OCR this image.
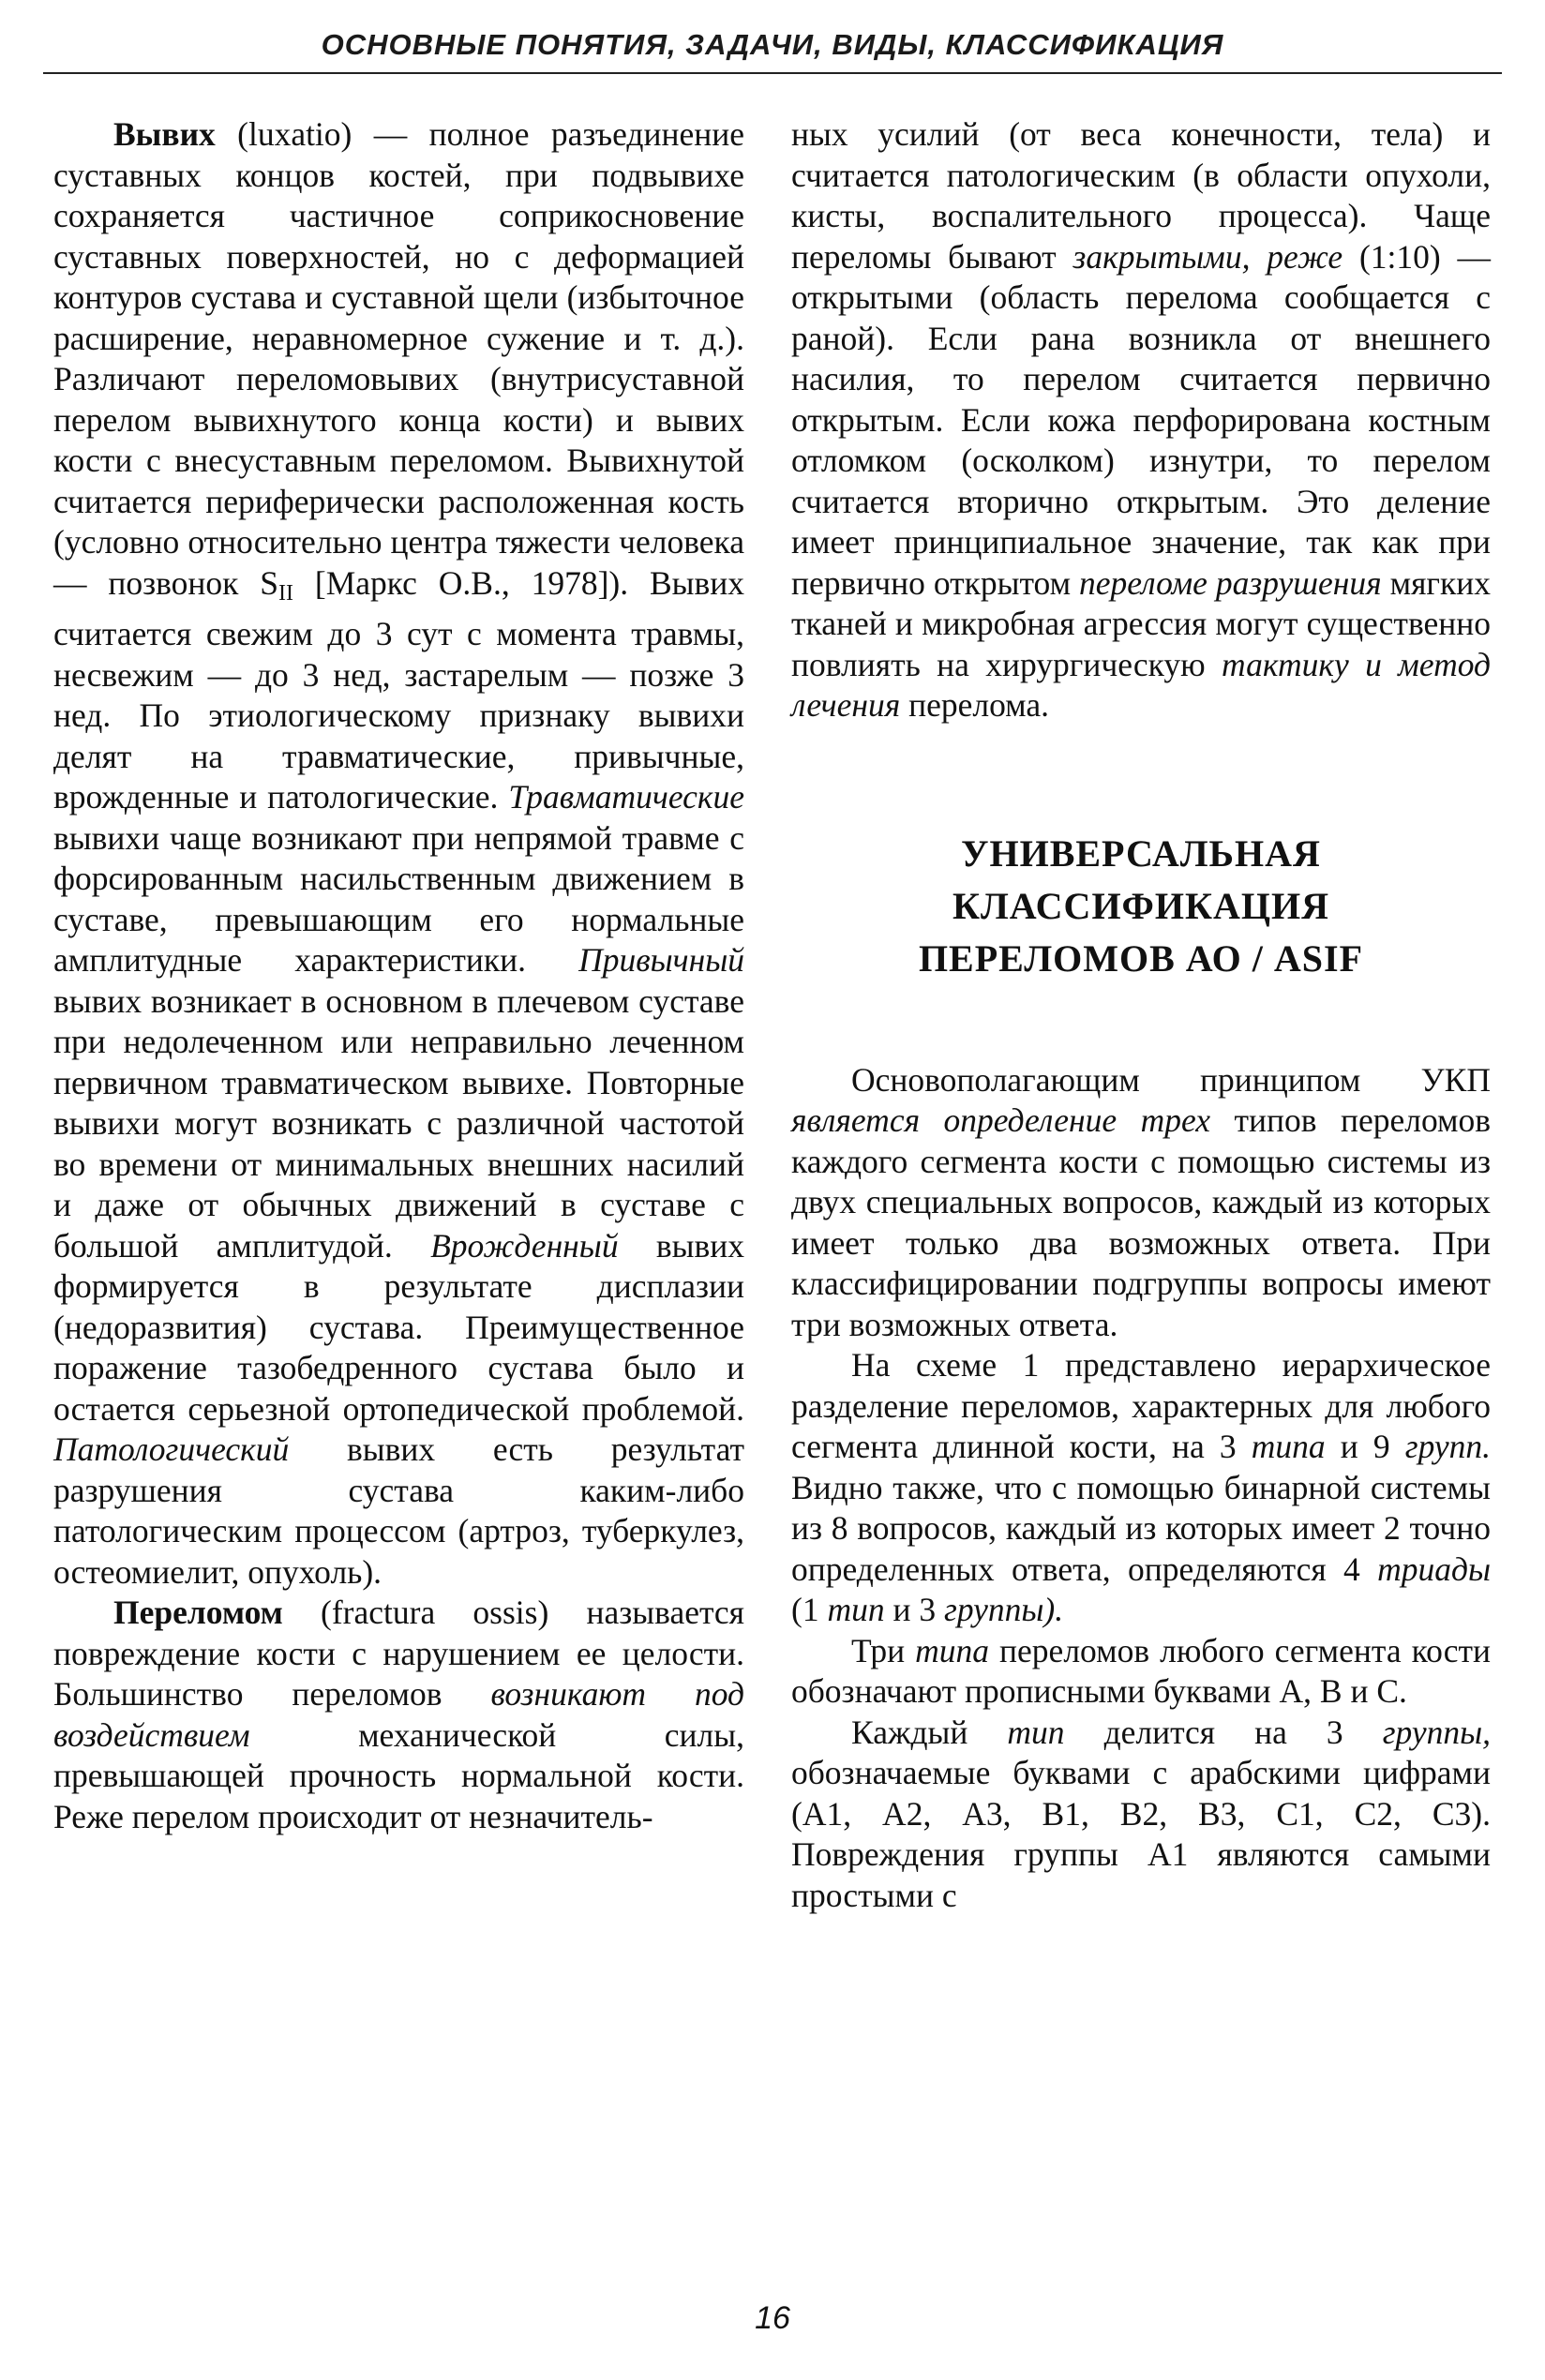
ОСНОВНЫЕ ПОНЯТИЯ, ЗАДАЧИ, ВИДЫ, КЛАССИФИКАЦИЯ

Вывих (luxatio) — полное разъединение суставных концов костей, при подвывихе сохраняется частичное соприкосновение суставных поверхностей, но с деформацией контуров сустава и суставной щели (избыточное расширение, неравномерное сужение и т. д.). Различают переломовывих (внутрисуставной перелом вывихнутого конца кости) и вывих кости с внесуставным переломом. Вывихнутой считается периферически расположенная кость (условно относительно центра тяжести человека — позвонок $S_{II}$ [Маркс О.В., 1978]). Вывих считается свежим до 3 сут с момента травмы, несвежим — до 3 нед, застарелым — позже 3 нед. По этиологическому признаку вывихи делят на травматические, привычные, врожденные и патологические. Травматические вывихи чаще возникают при непрямой травме с форсированным насильственным движением в суставе, превышающим его нормальные амплитудные характеристики. Привычный вывих возникает в основном в плечевом суставе при недолеченном или неправильно леченном первичном травматическом вывихе. Повторные вывихи могут возникать с различной частотой во времени от минимальных внешних насилий и даже от обычных движений в суставе с большой амплитудой. Врожденный вывих формируется в результате дисплазии (недоразвития) сустава. Преимущественное поражение тазобедренного сустава было и остается серьезной ортопедической проблемой. Патологический вывих есть результат разрушения сустава каким-либо патологическим процессом (артроз, туберкулез, остеомиелит, опухоль).

Переломом (fractura ossis) называется повреждение кости с нарушением ее целости. Большинство переломов возникают под воздействием механической силы, превышающей прочность нормальной кости. Реже перелом происходит от незначитель-

ных усилий (от веса конечности, тела) и считается патологическим (в области опухоли, кисты, воспалительного процесса). Чаще переломы бывают закрытыми, реже (1:10) — открытыми (область перелома сообщается с раной). Если рана возникла от внешнего насилия, то перелом считается первично открытым. Если кожа перфорирована костным отломком (осколком) изнутри, то перелом считается вторично открытым. Это деление имеет принципиальное значение, так как при первично открытом переломе разрушения мягких тканей и микробная агрессия могут существенно повлиять на хирургическую тактику и метод лечения перелома.

УНИВЕРСАЛЬНАЯ
КЛАССИФИКАЦИЯ
ПЕРЕЛОМОВ АО / ASIF

Основополагающим принципом УКП является определение трех типов переломов каждого сегмента кости с помощью системы из двух специальных вопросов, каждый из которых имеет только два возможных ответа. При классифицировании подгруппы вопросы имеют три возможных ответа.

На схеме 1 представлено иерархическое разделение переломов, характерных для любого сегмента длинной кости, на 3 типа и 9 групп. Видно также, что с помощью бинарной системы из 8 вопросов, каждый из которых имеет 2 точно определенных ответа, определяются 4 триады (1 тип и 3 группы).

Три типа переломов любого сегмента кости обозначают прописными буквами А, В и С.

Каждый тип делится на 3 группы, обозначаемые буквами с арабскими цифрами (A1, А2, A3, B1, В2, B3, C1, С2, C3). Повреждения группы A1 являются самыми простыми с

16
